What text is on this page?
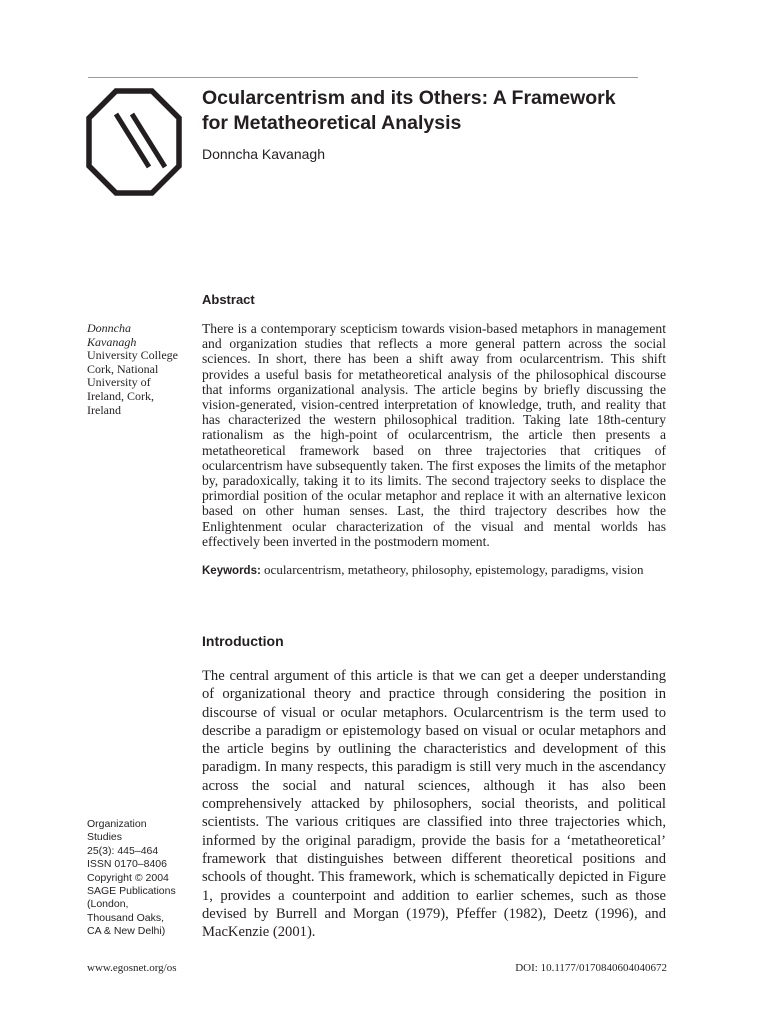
Ocularcentrism and its Others: A Framework
for Metatheoretical Analysis

Donncha Kavanagh

Abstract
Donncha
Kavanagh
University College
Cork, National
University of
Ireland, Cork,
Ireland

There is a contemporary scepticism towards vision-based metaphors in management and organization studies that reflects a more general pattern across the social sciences. In short, there has been a shift away from ocularcentrism. This shift provides a useful basis for metatheoretical analysis of the philosophical discourse that informs organizational analysis. The article begins by briefly discussing the vision-generated, vision-centred interpretation of knowledge, truth, and reality that has characterized the western philosophical tradition. Taking late 18th-century rationalism as the high-point of ocularcentrism, the article then presents a metatheoretical framework based on three trajectories that critiques of ocularcentrism have subsequently taken. The first exposes the limits of the metaphor by, paradoxically, taking it to its limits. The second trajectory seeks to displace the primordial position of the ocular metaphor and replace it with an alternative lexicon based on other human senses. Last, the third trajectory describes how the Enlightenment ocular characterization of the visual and mental worlds has effectively been inverted in the postmodern moment.

Keywords: ocularcentrism, metatheory, philosophy, epistemology, paradigms, vision

Introduction

The central argument of this article is that we can get a deeper understanding of organizational theory and practice through considering the position in discourse of visual or ocular metaphors. Ocularcentrism is the term used to describe a paradigm or epistemology based on visual or ocular metaphors and the article begins by outlining the characteristics and development of this paradigm. In many respects, this paradigm is still very much in the ascendancy across the social and natural sciences, although it has also been comprehensively attacked by philosophers, social theorists, and political scientists. The various critiques are classified into three trajectories which, informed by the original paradigm, provide the basis for a ‘metatheoretical’ framework that distinguishes between different theoretical positions and schools of thought. This framework, which is schematically depicted in Figure 1, provides a counterpoint and addition to earlier schemes, such as those devised by Burrell and Morgan (1979), Pfeffer (1982), Deetz (1996), and MacKenzie (2001).

Organization
Studies
25(3): 445–464
ISSN 0170–8406
Copyright © 2004
SAGE Publications
(London,
Thousand Oaks,
CA & New Delhi)
www.egosnet.org/os	DOI: 10.1177/0170840604040672
